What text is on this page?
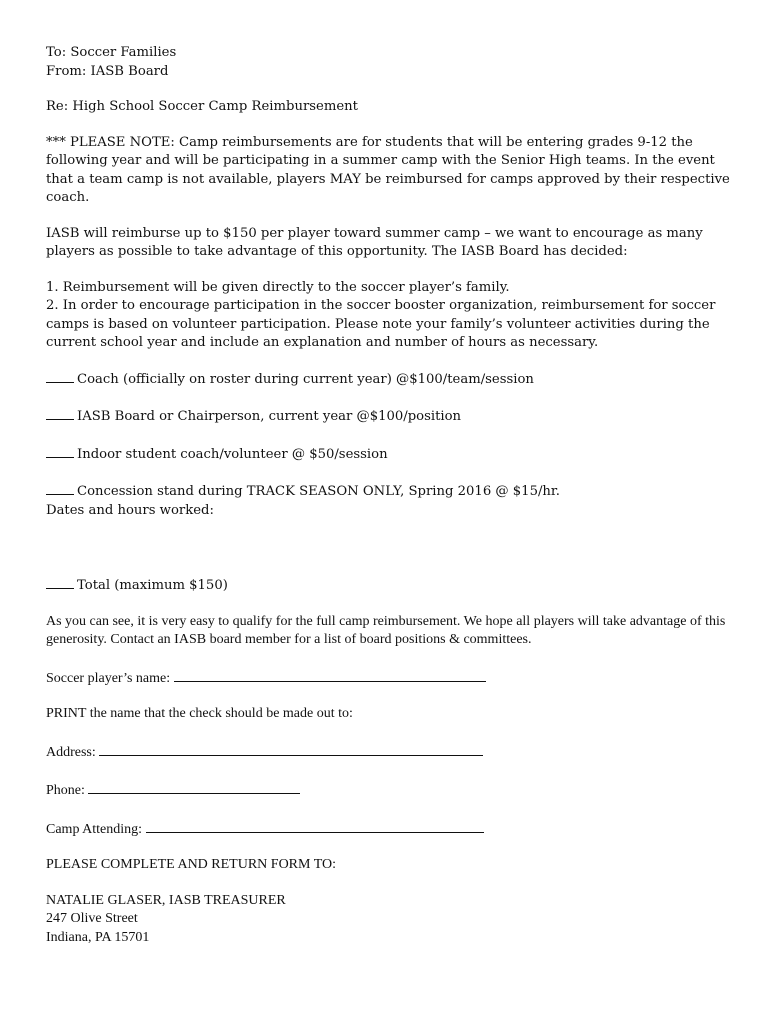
To: Soccer Families

From: IASB Board

Re: High School Soccer Camp Reimbursement

*** PLEASE NOTE: Camp reimbursements are for students that will be entering grades 9-12 the following year and will be participating in a summer camp with the Senior High teams. In the event that a team camp is not available, players MAY be reimbursed for camps approved by their respective coach.

IASB will reimburse up to $150 per player toward summer camp – we want to encourage as many players as possible to take advantage of this opportunity. The IASB Board has decided:

1. Reimbursement will be given directly to the soccer player’s family.

2. In order to encourage participation in the soccer booster organization, reimbursement for soccer camps is based on volunteer participation. Please note your family’s volunteer activities during the current school year and include an explanation and number of hours as necessary.

Coach (officially on roster during current year) @$100/team/session

IASB Board or Chairperson, current year @$100/position

Indoor student coach/volunteer @ $50/session

Concession stand during TRACK SEASON ONLY, Spring 2016 @ $15/hr.

Dates and hours worked:

Total (maximum $150)

As you can see, it is very easy to qualify for the full camp reimbursement. We hope all players will take advantage of this generosity. Contact an IASB board member for a list of board positions & committees.

Soccer player’s name:

PRINT the name that the check should be made out to:

Address:

Phone:

Camp Attending:

PLEASE COMPLETE AND RETURN FORM TO:

NATALIE GLASER, IASB TREASURER

247 Olive Street

Indiana, PA 15701
